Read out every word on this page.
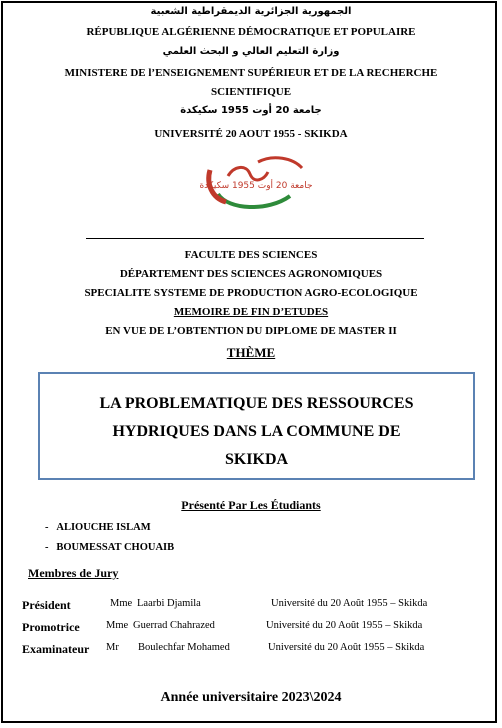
الجمهورية الجزائرية الديمقراطية الشعبية
RÉPUBLIQUE ALGÉRIENNE DÉMOCRATIQUE ET POPULAIRE
وزارة التعليم العالي و البحث العلمي
MINISTERE DE l’ENSEIGNEMENT SUPÉRIEUR ET DE LA RECHERCHE
SCIENTIFIQUE
جامعة 20 أوت 1955 سكيكدة
UNIVERSITÉ 20 AOUT 1955 - SKIKDA
جامعة 20 أوت 1955 سكيكدة
FACULTE DES SCIENCES
DÉPARTEMENT DES SCIENCES AGRONOMIQUES
SPECIALITE SYSTEME DE PRODUCTION AGRO-ECOLOGIQUE
MEMOIRE DE FIN D’ETUDES
EN VUE DE L’OBTENTION DU DIPLOME DE MASTER II
THÈME
LA PROBLEMATIQUE DES RESSOURCES
HYDRIQUES DANS LA COMMUNE DE
SKIKDA
Présenté Par Les Étudiants
-   ALIOUCHE ISLAM
-   BOUMESSAT CHOUAIB
Membres de Jury
Président	Mme Laarbi Djamila	Université du 20 Août 1955 – Skikda
Promotrice	Mme Guerrad Chahrazed	Université du 20 Août 1955 – Skikda
Examinateur Mr Boulechfar Mohamed	Université du 20 Août 1955 – Skikda
Année universitaire 2023\2024
